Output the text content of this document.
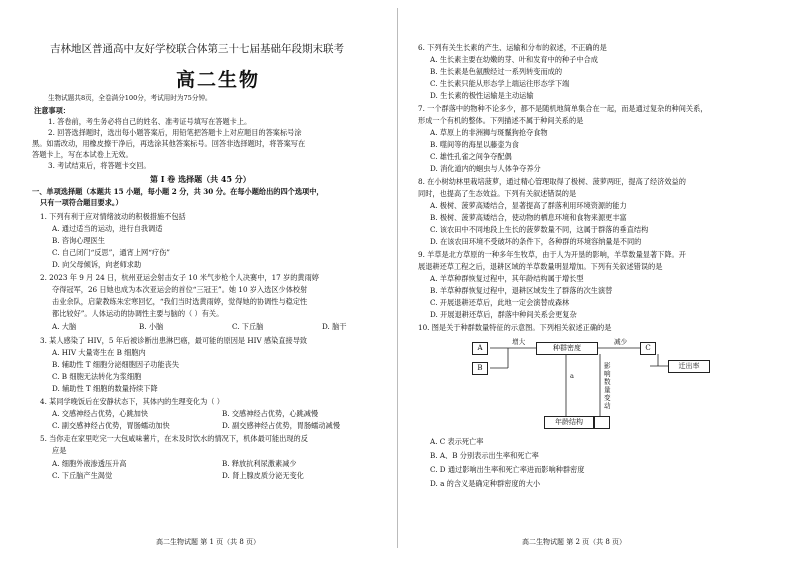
吉林地区普通高中友好学校联合体第三十七届基础年段期末联考
高二生物
生物试题共8页，全卷满分100分，考试用时为75分钟。
注意事项：
1. 答卷前，考生务必将自己的姓名、准考证号填写在答题卡上。
2. 回答选择题时，选出每小题答案后，用铅笔把答题卡上对应题目的答案标号涂
黑。如需改动，用橡皮擦干净后，再选涂其他答案标号。回答非选择题时，将答案写在
答题卡上，写在本试卷上无效。
3. 考试结束后，将答题卡交回。
第 I 卷 选择题（共 45 分）
一、单项选择题（本题共 15 小题，每小题 2 分，共 30 分。在每小题给出的四个选项中，
只有一项符合题目要求。）
1. 下列有利于应对情绪波动的积极措施不包括
A. 通过适当的运动，进行自我调适
B. 咨询心理医生
C. 自己闭门“反思”，通宵上网“疗伤”
D. 向父母倾诉，向老师求助
2. 2023 年 9 月 24 日，杭州亚运会射击女子 10 米气步枪个人决赛中，17 岁的黄雨婷
夺得冠军，26 日她也成为本次亚运会的首位“三冠王”。她 10 岁入选区少体校射
击业余队，启蒙教练朱宏寒回忆，“我们当时选黄雨婷，觉得她的协调性与稳定性
都比较好”。人体运动的协调性主要与脑的（ ）有关。
A. 大脑	B. 小脑	C. 下丘脑	D. 脑干
3. 某人感染了 HIV，5 年后被诊断出患淋巴癌，最可能的原因是 HIV 感染直接导致
A. HIV 大量寄生在 B 细胞内
B. 辅助性 T 细胞分泌细胞因子功能丧失
C. B 细胞无法转化为浆细胞
D. 辅助性 T 细胞的数量持续下降
4. 某同学晚饭后在安静状态下，其体内的生理变化为（ ）
A. 交感神经占优势，心跳加快	B. 交感神经占优势，心跳减慢
C. 副交感神经占优势，胃肠蠕动加快	D. 副交感神经占优势，胃肠蠕动减慢
5. 当你走在家里吃完一大包咸味薯片，在未及时饮水的情况下，机体最可能出现的反
应是
A. 细胞外液渗透压升高	B. 释放抗利尿激素减少
C. 下丘脑产生渴觉	D. 肾上腺皮质分泌无变化
高二生物试题 第 1 页（共 8 页）
6. 下列有关生长素的产生、运输和分布的叙述，不正确的是
A. 生长素主要在幼嫩的芽、叶和发育中的种子中合成
B. 生长素是色氨酸经过一系列转变而成的
C. 生长素只能从形态学上端运往形态学下端
D. 生长素的极性运输是主动运输
7. 一个群落中的物种不论多少，都不是随机地简单集合在一起，而是通过复杂的种间关系，
形成一个有机的整体。下列描述不属于种间关系的是
A. 草原上的非洲狮与斑鬣狗抢夺食物
B. 噬间等的海星以藤壶为食
C. 雄性孔雀之间争夺配偶
D. 消化道内的蛔虫与人体争夺养分
8. 在小树幼林里栽培菠萝，通过精心管理取得了极树、菠萝两旺，提高了经济效益的
同时，也提高了生态效益。下列有关叙述错误的是
A. 极树、菠萝高矮结合，显著提高了群落利用环境资源的能力
B. 极树、菠萝高矮结合，使动物的栖息环境和食物来源更丰富
C. 该农田中不同地段上生长的菠萝数量不同，这属于群落的垂直结构
D. 在该农田环境不受破坏的条件下，各种群的环境容纳量是不同的
9. 羊草是北方草原的一种多年生牧草，由于人为开垦的影响，羊草数量显著下降。开
展退耕还草工程之后，退耕区域的羊草数量明显增加。下列有关叙述错误的是
A. 羊草种群恢复过程中，其年龄结构属于增长型
B. 羊草种群恢复过程中，退耕区域发生了群落的次生演替
C. 开展退耕还草后，此地一定会演替成森林
D. 开展退耕还草后，群落中种间关系会更复杂
10. 图是关于种群数量特征的示意图。下列相关叙述正确的是
A
B
增大
种群密度
减少
C
迁出率
影响数量变动
a
年龄结构
A. C 表示死亡率
B. A、B 分别表示出生率和死亡率
C. D 通过影响出生率和死亡率进而影响种群密度
D. a 的含义是确定种群密度的大小
高二生物试题 第 2 页（共 8 页）
